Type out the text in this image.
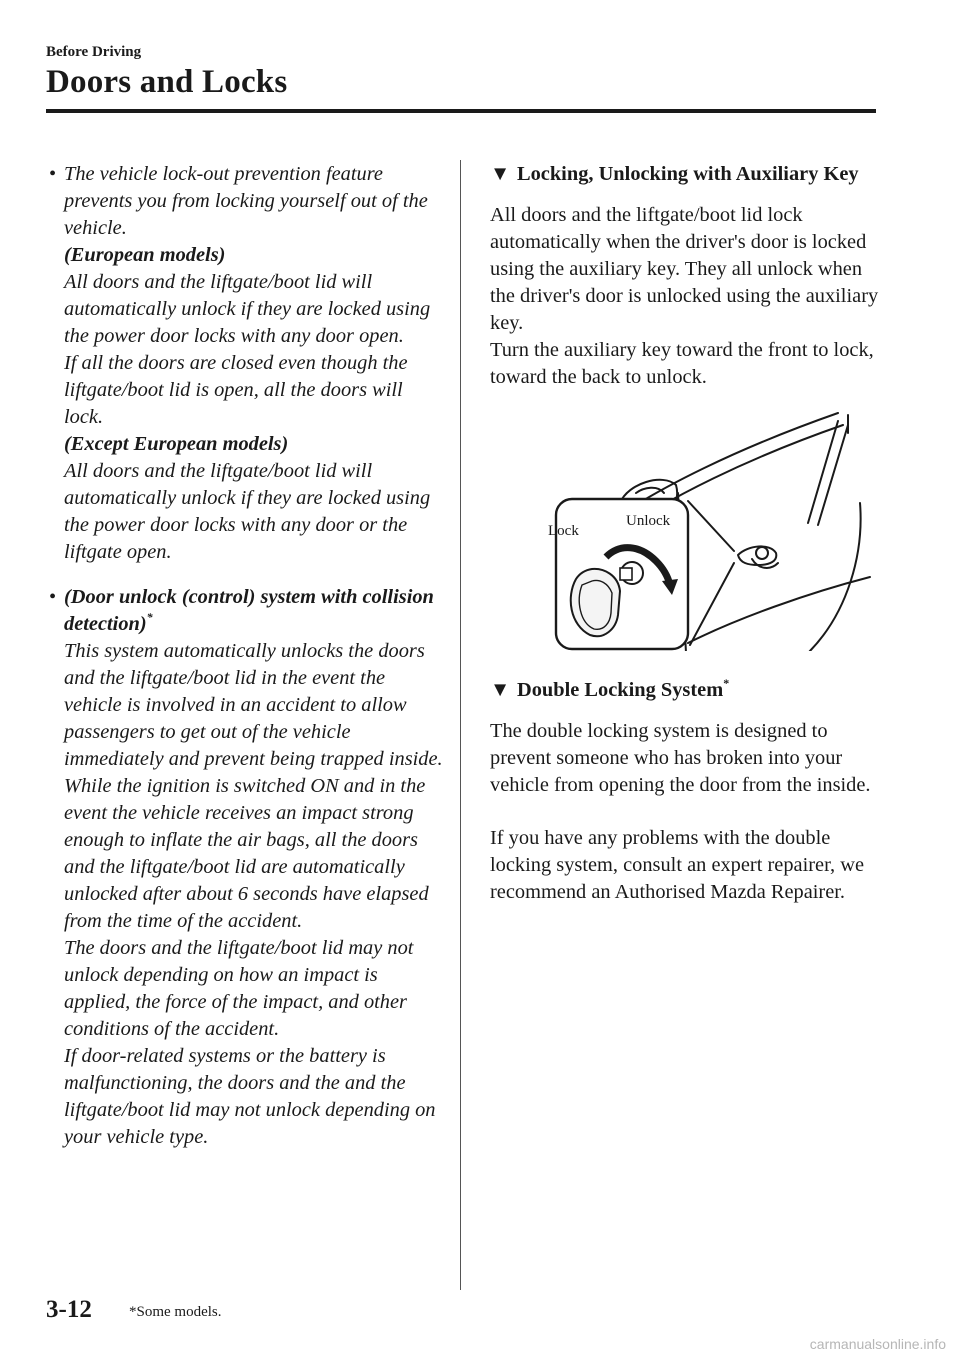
Before Driving
Doors and Locks
• The vehicle lock-out prevention feature prevents you from locking yourself out of the vehicle.

(European models)

All doors and the liftgate/boot lid will automatically unlock if they are locked using the power door locks with any door open.

If all the doors are closed even though the liftgate/boot lid is open, all the doors will lock.

(Except European models)

All doors and the liftgate/boot lid will automatically unlock if they are locked using the power door locks with any door or the liftgate open.

• (Door unlock (control) system with collision detection)*

This system automatically unlocks the doors and the liftgate/boot lid in the event the vehicle is involved in an accident to allow passengers to get out of the vehicle immediately and prevent being trapped inside. While the ignition is switched ON and in the event the vehicle receives an impact strong enough to inflate the air bags, all the doors and the liftgate/boot lid are automatically unlocked after about 6 seconds have elapsed from the time of the accident.

The doors and the liftgate/boot lid may not unlock depending on how an impact is applied, the force of the impact, and other conditions of the accident.

If door-related systems or the battery is malfunctioning, the doors and the and the liftgate/boot lid may not unlock depending on your vehicle type.

▼ Locking, Unlocking with Auxiliary Key

All doors and the liftgate/boot lid lock automatically when the driver's door is locked using the auxiliary key. They all unlock when the driver's door is unlocked using the auxiliary key.

Turn the auxiliary key toward the front to lock, toward the back to unlock.

Lock
Unlock

▼ Double Locking System*

The double locking system is designed to prevent someone who has broken into your vehicle from opening the door from the inside.

If you have any problems with the double locking system, consult an expert repairer, we recommend an Authorised Mazda Repairer.

3-12 *Some models.
carmanualsonline.info
